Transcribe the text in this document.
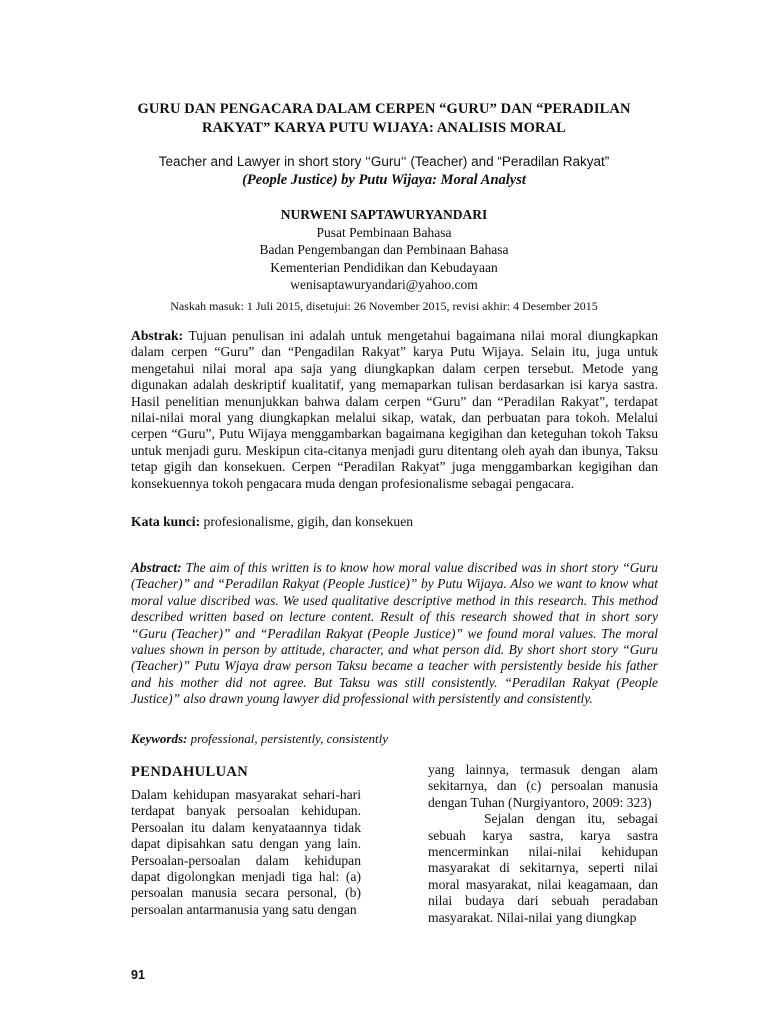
GURU DAN PENGACARA DALAM CERPEN “GURU” DAN “PERADILAN
RAKYAT” KARYA PUTU WIJAYA: ANALISIS MORAL
Teacher and Lawyer in short story ‘‘Guru‘‘ (Teacher) and “Peradilan Rakyat”
(People Justice) by Putu Wijaya: Moral Analyst
NURWENI SAPTAWURYANDARI
Pusat Pembinaan Bahasa
Badan Pengembangan dan Pembinaan Bahasa
Kementerian Pendidikan dan Kebudayaan
wenisaptawuryandari@yahoo.com
Naskah masuk: 1 Juli 2015, disetujui: 26 November 2015, revisi akhir: 4 Desember 2015
Abstrak: Tujuan penulisan ini adalah untuk mengetahui bagaimana nilai moral diungkapkan dalam cerpen “Guru” dan “Pengadilan Rakyat” karya Putu Wijaya. Selain itu, juga untuk mengetahui nilai moral apa saja yang diungkapkan dalam cerpen tersebut. Metode yang digunakan adalah deskriptif kualitatif, yang memaparkan tulisan berdasarkan isi karya sastra. Hasil penelitian menunjukkan bahwa dalam cerpen “Guru” dan “Peradilan Rakyat”, terdapat nilai-nilai moral yang diungkapkan melalui sikap, watak, dan perbuatan para tokoh. Melalui cerpen “Guru”, Putu Wijaya menggambarkan bagaimana kegigihan dan keteguhan tokoh Taksu untuk menjadi guru. Meskipun cita-citanya menjadi guru ditentang oleh ayah dan ibunya, Taksu tetap gigih dan konsekuen. Cerpen “Peradilan Rakyat” juga menggambarkan kegigihan dan konsekuennya tokoh pengacara muda dengan profesionalisme sebagai pengacara.
Kata kunci: profesionalisme, gigih, dan konsekuen
Abstract: The aim of this written is to know how moral value discribed was in short story “Guru (Teacher)” and “Peradilan Rakyat (People Justice)” by Putu Wijaya. Also we want to know what moral value discribed was. We used qualitative descriptive method in this research. This method described written based on lecture content. Result of this research showed that in short sory “Guru (Teacher)” and “Peradilan Rakyat (People Justice)” we found moral values. The moral values shown in person by attitude, character, and what person did. By short short story “Guru (Teacher)” Putu Wjaya draw person Taksu became a teacher with persistently beside his father and his mother did not agree. But Taksu was still consistently. “Peradilan Rakyat (People Justice)” also drawn young lawyer did professional with persistently and consistently.
Keywords: professional, persistently, consistently
PENDAHULUAN

Dalam kehidupan masyarakat sehari-hari terdapat banyak persoalan kehidupan. Persoalan itu dalam kenyataannya tidak dapat dipisahkan satu dengan yang lain. Persoalan-persoalan dalam kehidupan dapat digolongkan menjadi tiga hal: (a) persoalan manusia secara personal, (b) persoalan antarmanusia yang satu dengan

yang lainnya, termasuk dengan alam sekitarnya, dan (c) persoalan manusia dengan Tuhan (Nurgiyantoro, 2009: 323)

Sejalan dengan itu, sebagai sebuah karya sastra, karya sastra mencerminkan nilai-nilai kehidupan masyarakat di sekitarnya, seperti nilai moral masyarakat, nilai keagamaan, dan nilai budaya dari sebuah peradaban masyarakat. Nilai-nilai yang diungkap

91
